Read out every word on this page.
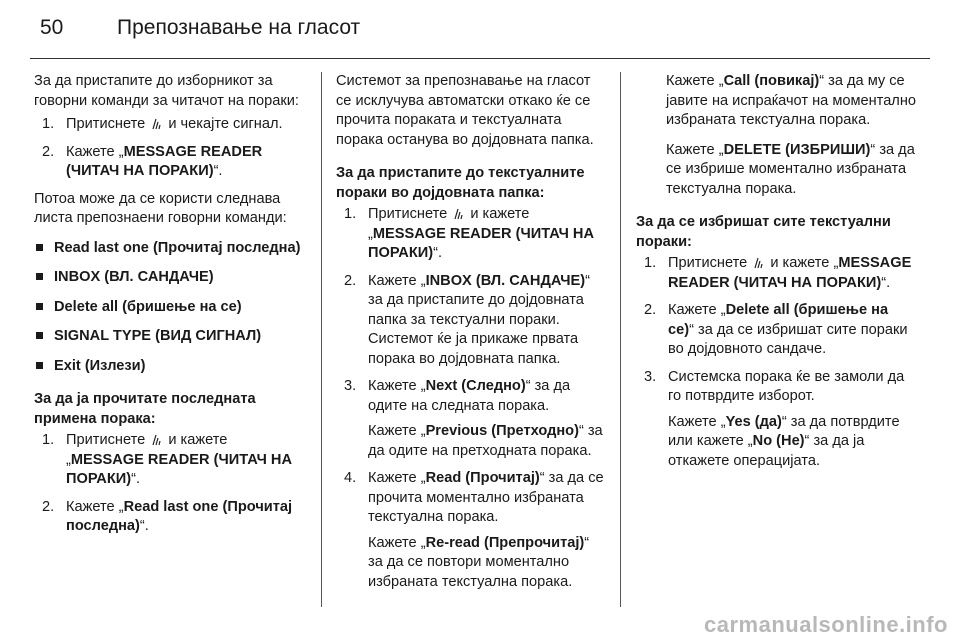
50	Препознавање на гласот

За да пристапите до изборникот за говорни команди за читачот на пораки:

1. Притиснете и чекајте сигнал.
2. Кажете „MESSAGE READER (ЧИТАЧ НА ПОРАКИ)“.

Потоа може да се користи следнава листа препознаени говорни команди:

Read last one (Прочитај последна)
INBOX (ВЛ. САНДАЧЕ)
Delete all (бришење на се)
SIGNAL TYPE (ВИД СИГНАЛ)
Exit (Излези)
За да ја прочитате последната примена порака:
1. Притиснете и кажете „MESSAGE READER (ЧИТАЧ НА ПОРАКИ)“.
2. Кажете „Read last one (Прочитај последна)“.

Системот за препознавање на гласот се исклучува автоматски откако ќе се прочита пораката и текстуалната порака останува во дојдовната папка.

За да пристапите до текстуалните пораки во дојдовната папка:
1. Притиснете и кажете „MESSAGE READER (ЧИТАЧ НА ПОРАКИ)“.
2. Кажете „INBOX (ВЛ. САНДАЧЕ)“ за да пристапите до дојдовната папка за текстуални пораки. Системот ќе ја прикаже првата порака во дојдовната папка.
3. Кажете „Next (Следно)“ за да одите на следната порака.
Кажете „Previous (Претходно)“ за да одите на претходната порака.
4. Кажете „Read (Прочитај)“ за да се прочита моментално избраната текстуална порака.
Кажете „Re-read (Препрочитај)“ за да се повтори моментално избраната текстуална порака.

Кажете „Call (повикај)“ за да му се јавите на испраќачот на моментално избраната текстуална порака.

Кажете „DELETE (ИЗБРИШИ)“ за да се избрише моментално избраната текстуална порака.

За да се избришат сите текстуални пораки:
1. Притиснете и кажете „MESSAGE READER (ЧИТАЧ НА ПОРАКИ)“.
2. Кажете „Delete all (бришење на се)“ за да се избришат сите пораки во дојдовното сандаче.
3. Системска порака ќе ве замоли да го потврдите изборот.
Кажете „Yes (да)“ за да потврдите или кажете „No (Не)“ за да ја откажете операцијата.
carmanualsonline.info
